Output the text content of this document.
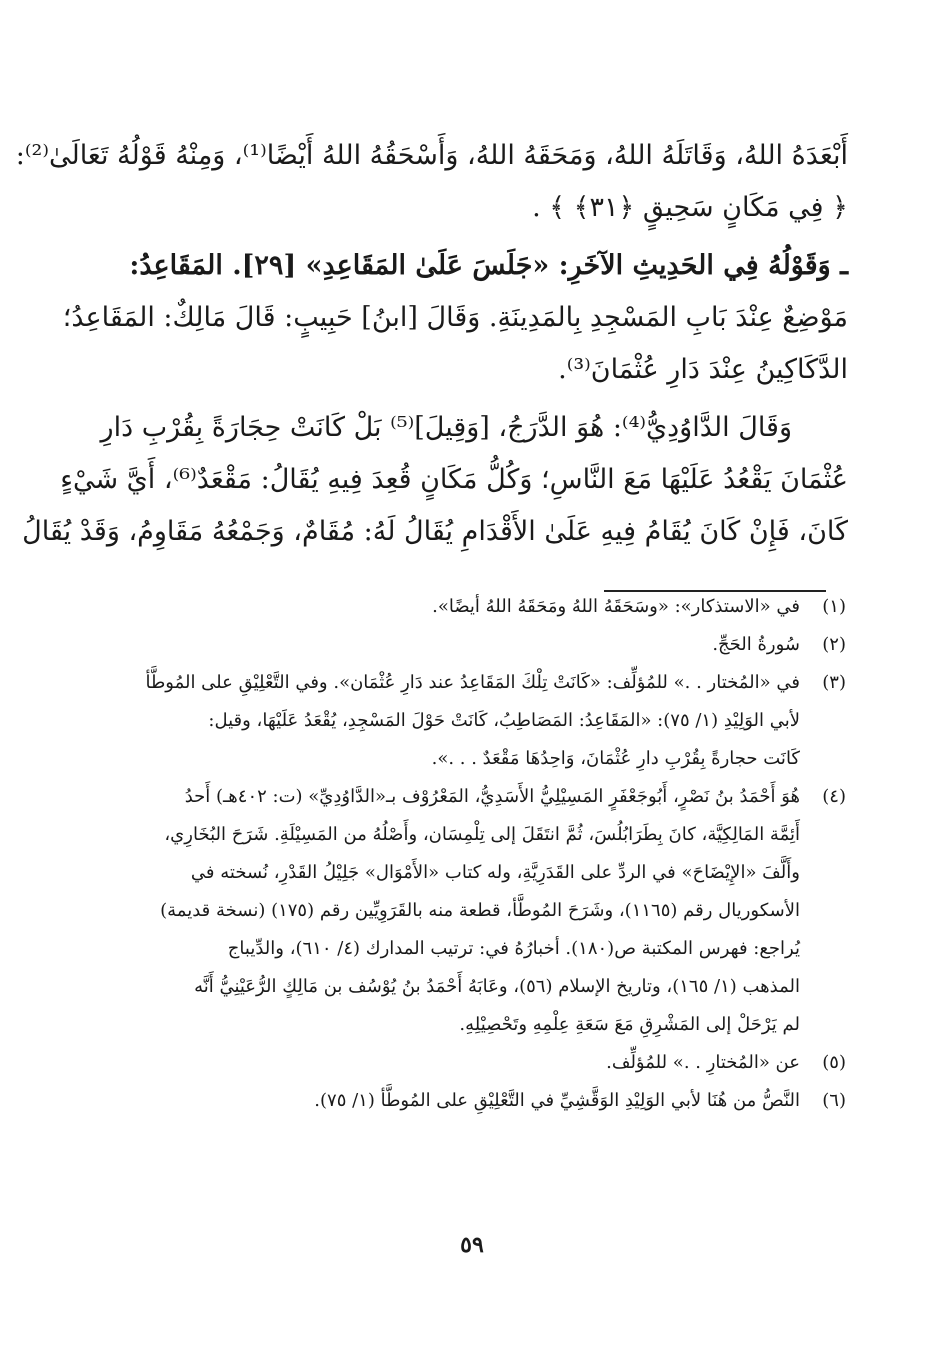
أَبْعَدَهُ اللهُ، وَقَاتَلَهُ اللهُ، وَمَحَقَهُ اللهُ، وَأَسْحَقُهُ اللهُ أَيْضًا⁽¹⁾، وَمِنْهُ قَوْلُهُ تَعَالَىٰ⁽²⁾:
﴿ فِي مَكَانٍ سَحِيقٍ ﴿٣١﴾ ﴾ .
ـ وَقَوْلُهُ فِي الحَدِيثِ الآخَرِ: «جَلَسَ عَلَىٰ المَقَاعِدِ» [٢٩]. المَقَاعِدُ:
مَوْضِعٌ عِنْدَ بَابِ المَسْجِدِ بِالمَدِينَةِ. وَقَالَ [ابنُ] حَبِيبٍ: قَالَ مَالِكٌ: المَقَاعِدُ؛
الدَّكَاكِينُ عِنْدَ دَارِ عُثْمَانَ⁽³⁾.
وَقَالَ الدَّاوُدِيُّ⁽⁴⁾: هُوَ الدَّرَجُ، [وَقِيلَ]⁽⁵⁾ بَلْ كَانَتْ حِجَارَةً بِقُرْبِ دَارِ
عُثْمَانَ يَقْعُدُ عَلَيْهَا مَعَ النَّاسِ؛ وَكُلُّ مَكَانٍ قُعِدَ فِيهِ يُقَالُ: مَقْعَدٌ⁽⁶⁾، أَيَّ شَيْءٍ
كَانَ، فَإِنْ كَانَ يُقَامُ فِيهِ عَلَىٰ الأَقْدَامِ يُقَالُ لَهُ: مُقَامٌ، وَجَمْعُهُ مَقَاوِمُ، وَقَدْ يُقَالُ
(١)
في «الاستذكار»: «وسَحَقَهُ اللهُ ومَحَقَهُ اللهُ أيضًا».
(٢)
سُورةُ الحَجِّ.
(٣)
في «المُختار . .» للمُؤلِّف: «كَانَتْ تِلْكَ المَقَاعِدُ عند دَارِ عُثْمَان». وفي التَّعْلِيْقِ على المُوطَّأ
لأبي الوَلِيْدِ (١/ ٧٥): «المَقَاعِدُ: المَصَاطِبُ، كَانَتْ حَوْلَ المَسْجِدِ، يُقْعَدُ عَلَيْهَا، وقيل:
كَانَت حجارةً بِقُرْبِ دارِ عُثْمَانَ، وَاحِدُهَا مَقْعَدٌ . . .».
(٤)
هُوَ أَحْمَدُ بنُ نَصْرٍ، أَبُوجَعْفَرٍ المَسِيْلِيُّ الأَسَدِيُّ، المَعْرُوْف بـ«الدَّاوُدِيِّ» (ت: ٤٠٢هـ) أَحدُ
أَئِمَّة المَالِكِيَّة، كانَ بِطَرَابُلُسَ، ثُمَّ انتَقَلَ إلى تِلْمِسَان، وأَصْلُهُ من المَسِيْلَةِ. شَرَحَ البُخَارِي،
وأَلَّفَ «الإِيْضَاحَ» في الردِّ على القَدَرِيَّةِ، وله كتاب «الأَمْوَال» جَلِيْلُ القَدْرِ، نُسخته في
الأسكوريال رقم (١١٦٥)، وشَرَحَ المُوطَّأ، قطعة منه بالقَرَوِيِّين رقم (١٧٥) (نسخة قديمة)
يُراجع: فهرس المكتبة ص(١٨٠). أخبارُهُ في: ترتيب المدارك (٤/ ٦١٠)، والدِّيباج
المذهب (١/ ١٦٥)، وتاريخ الإسلام (٥٦)، وعَابَهُ أَحْمَدُ بنُ يُوْسُف بن مَالِكٍ الرُّعَيْنِيُّ أَنَّه
لم يَرْحَلْ إلى المَشْرِقِ مَعَ سَعَةِ عِلْمِهِ وتَحْصِيْلِهِ.
(٥)
عن «المُختارِ . .» للمُؤلِّف.
(٦)
النَّصُّ من هُنَا لأبي الوَلِيْدِ الوَقَّشِيِّ في التَّعْلِيْقِ على المُوطَّأ (١/ ٧٥).
٥٩
